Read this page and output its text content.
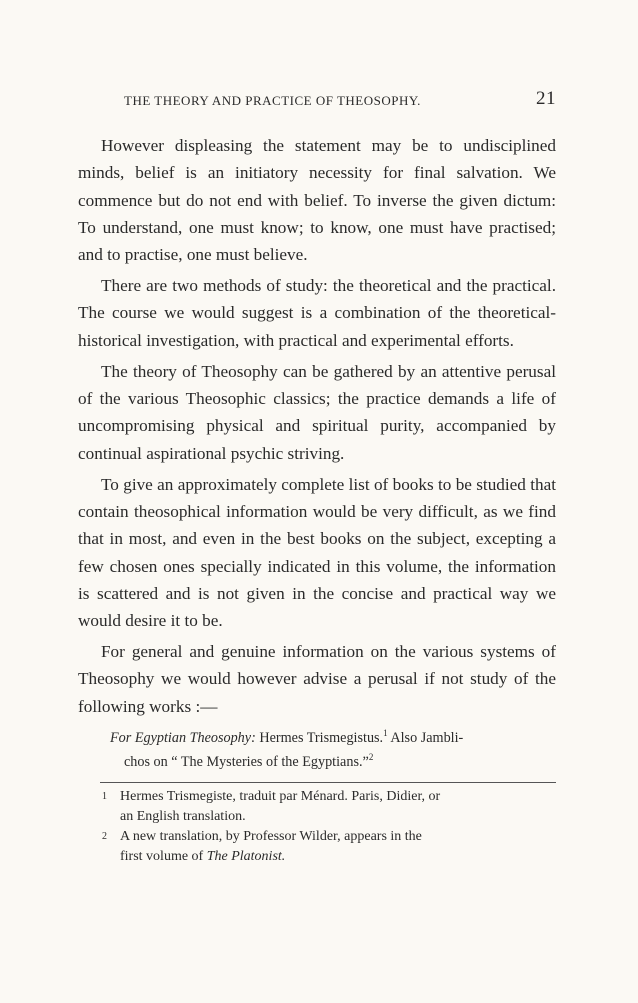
THE THEORY AND PRACTICE OF THEOSOPHY.	21

However displeasing the statement may be to undisciplined minds, belief is an initiatory necessity for final salvation. We commence but do not end with belief. To inverse the given dictum: To understand, one must know; to know, one must have practised; and to practise, one must believe.

There are two methods of study: the theoretical and the practical. The course we would suggest is a combination of the theoretical-historical investigation, with practical and experimental efforts.

The theory of Theosophy can be gathered by an attentive perusal of the various Theosophic classics; the practice demands a life of uncompromising physical and spiritual purity, accompanied by continual aspirational psychic striving.

To give an approximately complete list of books to be studied that contain theosophical information would be very difficult, as we find that in most, and even in the best books on the subject, excepting a few chosen ones specially indicated in this volume, the information is scattered and is not given in the concise and practical way we would desire it to be.

For general and genuine information on the various systems of Theosophy we would however advise a perusal if not study of the following works :—

For Egyptian Theosophy: Hermes Trismegistus.$^1$ Also Jambli-
chos on “ The Mysteries of the Egyptians.”$^2$
1 Hermes Trismegiste, traduit par Ménard. Paris, Didier, or
an English translation.
2 A new translation, by Professor Wilder, appears in the
first volume of The Platonist.
